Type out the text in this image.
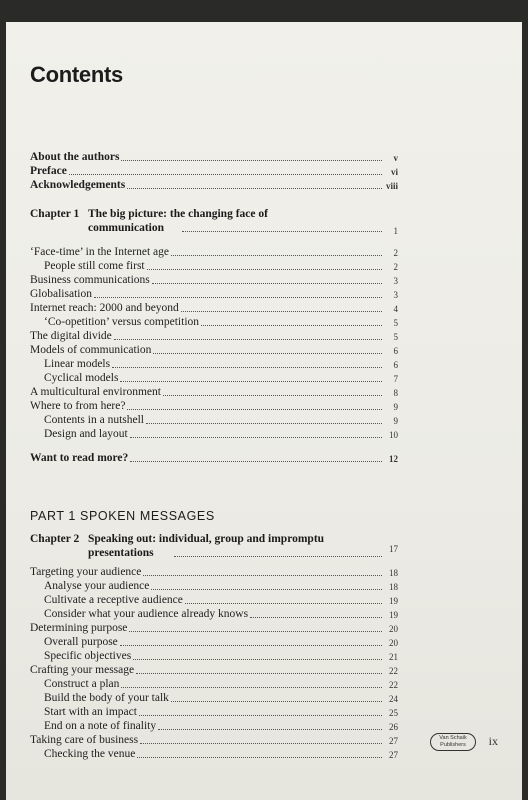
Contents
About the authors	v
Preface	vi
Acknowledgements	viii
Chapter 1 The big picture: the changing face of
communication	1
‘Face-time’ in the Internet age	2
People still come first	2
Business communications	3
Globalisation	3
Internet reach: 2000 and beyond	4
‘Co-opetition’ versus competition	5
The digital divide	5
Models of communication	6
Linear models	6
Cyclical models	7
A multicultural environment	8
Where to from here?	9
Contents in a nutshell	9
Design and layout	10
Want to read more?	12
PART 1 SPOKEN MESSAGES
Chapter 2 Speaking out: individual, group and impromptu
presentations	17
Targeting your audience	18
Analyse your audience	18
Cultivate a receptive audience	19
Consider what your audience already knows	19
Determining purpose	20
Overall purpose	20
Specific objectives	21
Crafting your message	22
Construct a plan	22
Build the body of your talk	24
Start with an impact	25
End on a note of finality	26
Taking care of business	27
Checking the venue	27
Van Schaik
Publishers	ix
